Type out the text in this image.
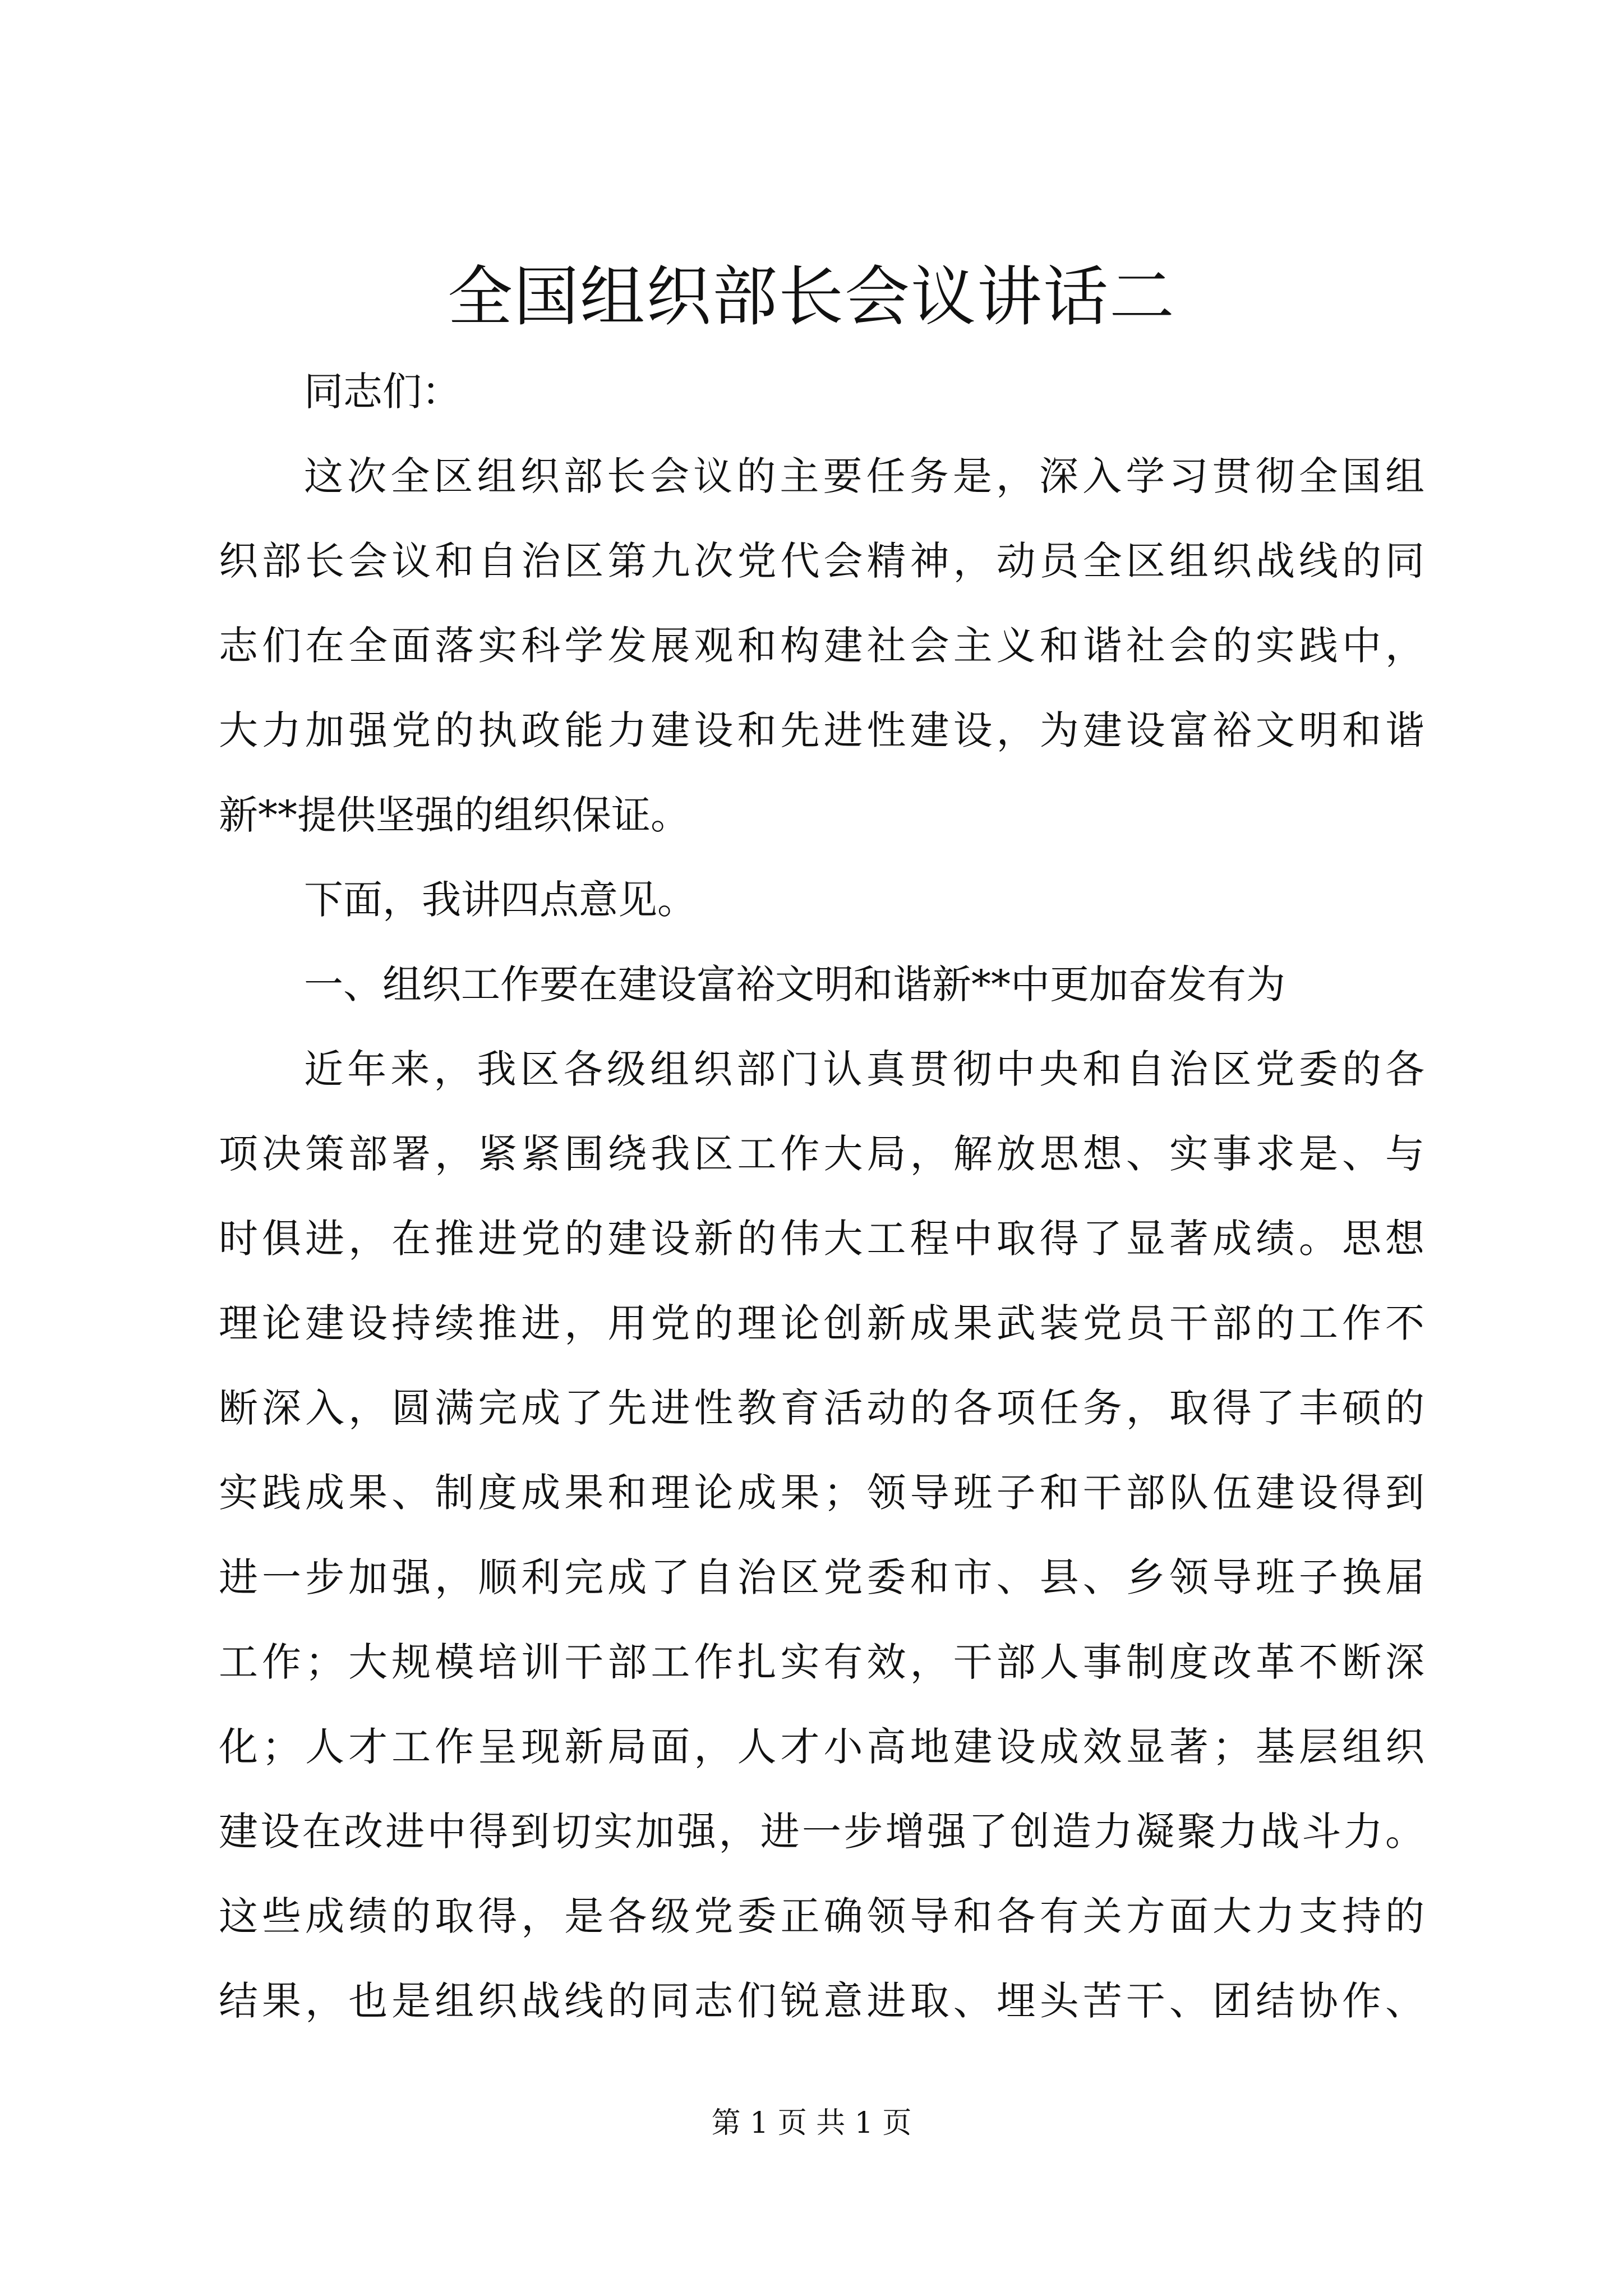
全国组织部长会议讲话二
同志们：
这次全区组织部长会议的主要任务是，深入学习贯彻全国组
织部长会议和自治区第九次党代会精神，动员全区组织战线的同
志们在全面落实科学发展观和构建社会主义和谐社会的实践中，
大力加强党的执政能力建设和先进性建设，为建设富裕文明和谐
新**提供坚强的组织保证。
下面，我讲四点意见。
一、组织工作要在建设富裕文明和谐新**中更加奋发有为
近年来，我区各级组织部门认真贯彻中央和自治区党委的各
项决策部署，紧紧围绕我区工作大局，解放思想、实事求是、与
时俱进，在推进党的建设新的伟大工程中取得了显著成绩。思想
理论建设持续推进，用党的理论创新成果武装党员干部的工作不
断深入，圆满完成了先进性教育活动的各项任务，取得了丰硕的
实践成果、制度成果和理论成果；领导班子和干部队伍建设得到
进一步加强，顺利完成了自治区党委和市、县、乡领导班子换届
工作；大规模培训干部工作扎实有效，干部人事制度改革不断深
化；人才工作呈现新局面，人才小高地建设成效显著；基层组织
建设在改进中得到切实加强，进一步增强了创造力凝聚力战斗力。
这些成绩的取得，是各级党委正确领导和各有关方面大力支持的
结果，也是组织战线的同志们锐意进取、埋头苦干、团结协作、
第 1 页 共 1 页
